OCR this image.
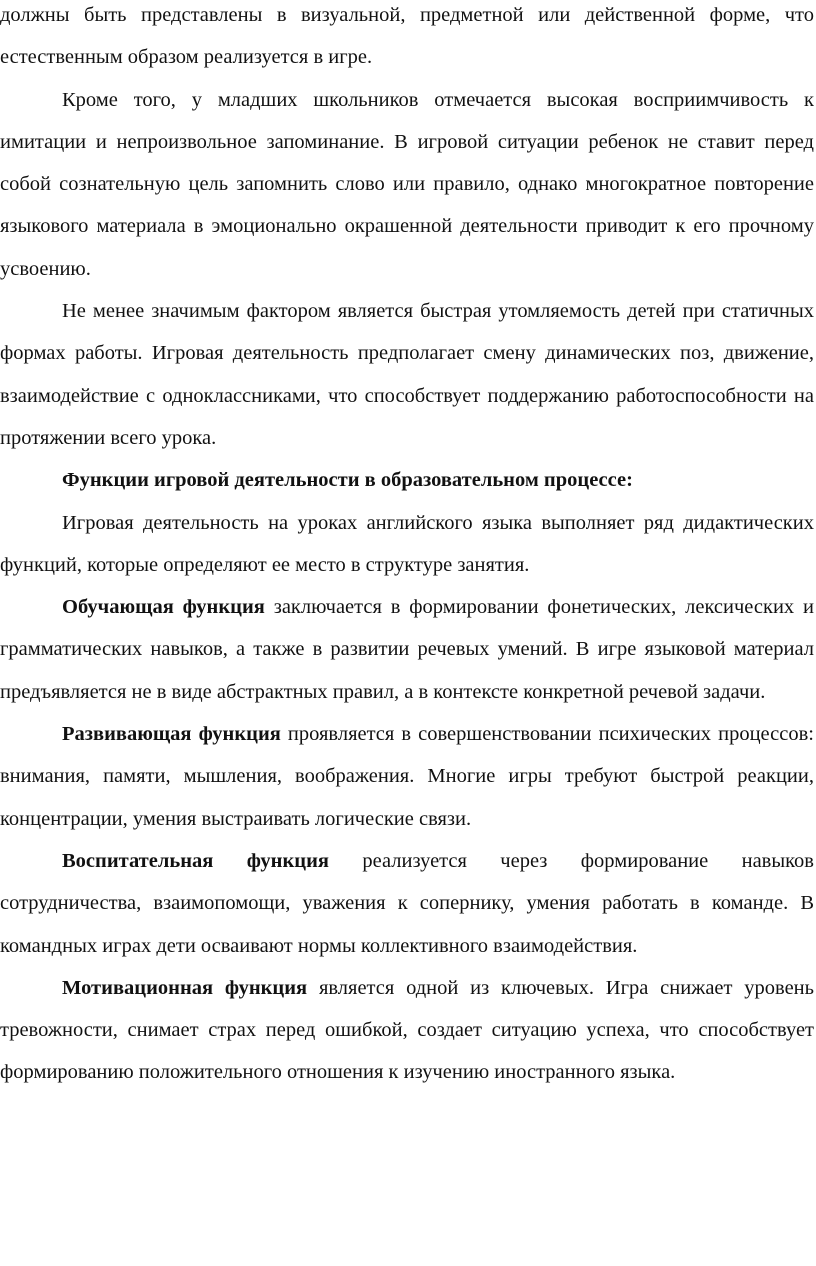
должны быть представлены в визуальной, предметной или действенной форме, что естественным образом реализуется в игре.

Кроме того, у младших школьников отмечается высокая восприимчивость к имитации и непроизвольное запоминание. В игровой ситуации ребенок не ставит перед собой сознательную цель запомнить слово или правило, однако многократное повторение языкового материала в эмоционально окрашенной деятельности приводит к его прочному усвоению.

Не менее значимым фактором является быстрая утомляемость детей при статичных формах работы. Игровая деятельность предполагает смену динамических поз, движение, взаимодействие с одноклассниками, что способствует поддержанию работоспособности на протяжении всего урока.

Функции игровой деятельности в образовательном процессе:

Игровая деятельность на уроках английского языка выполняет ряд дидактических функций, которые определяют ее место в структуре занятия.

Обучающая функция заключается в формировании фонетических, лексических и грамматических навыков, а также в развитии речевых умений. В игре языковой материал предъявляется не в виде абстрактных правил, а в контексте конкретной речевой задачи.

Развивающая функция проявляется в совершенствовании психических процессов: внимания, памяти, мышления, воображения. Многие игры требуют быстрой реакции, концентрации, умения выстраивать логические связи.

Воспитательная функция реализуется через формирование навыков сотрудничества, взаимопомощи, уважения к сопернику, умения работать в команде. В командных играх дети осваивают нормы коллективного взаимодействия.

Мотивационная функция является одной из ключевых. Игра снижает уровень тревожности, снимает страх перед ошибкой, создает ситуацию успеха, что способствует формированию положительного отношения к изучению иностранного языка.
